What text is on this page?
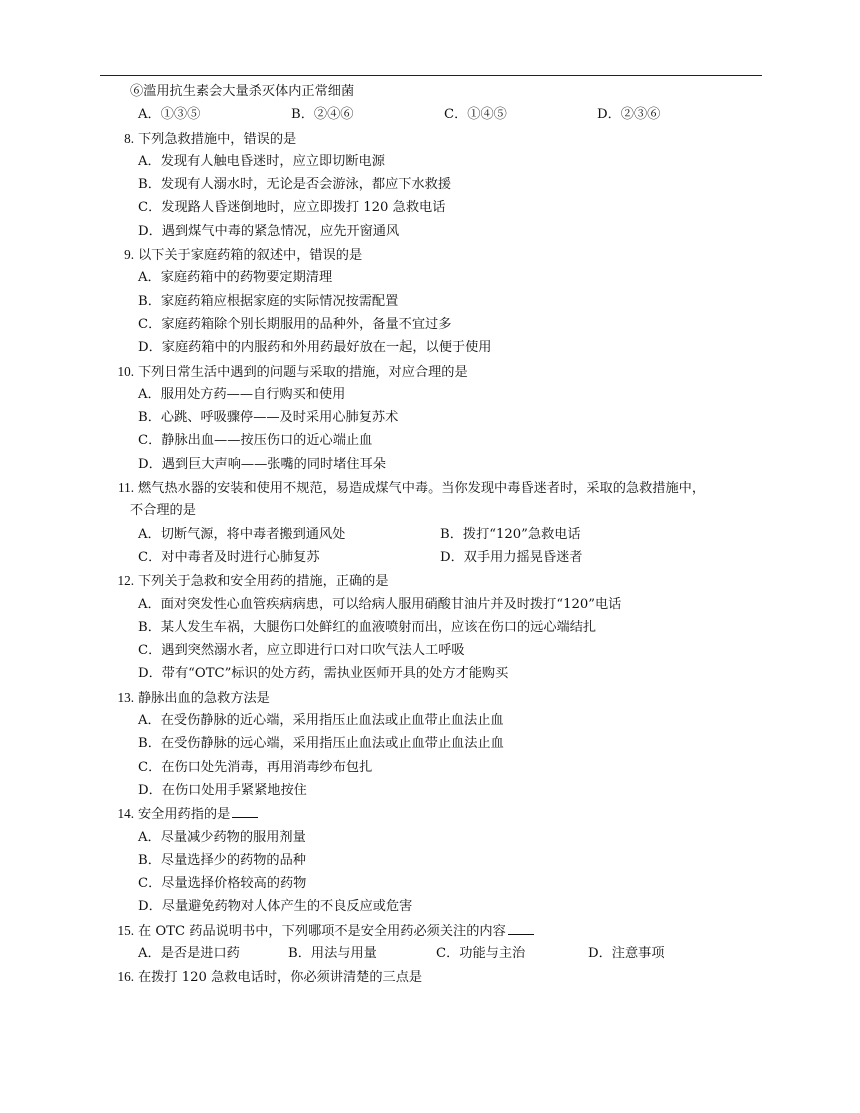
⑥滥用抗生素会大量杀灭体内正常细菌
A．①③⑤	B．②④⑥	C．①④⑤	D．②③⑥
8. 下列急救措施中，错误的是
A．发现有人触电昏迷时，应立即切断电源
B．发现有人溺水时，无论是否会游泳，都应下水救援
C．发现路人昏迷倒地时，应立即拨打 120 急救电话
D．遇到煤气中毒的紧急情况，应先开窗通风
9. 以下关于家庭药箱的叙述中，错误的是
A．家庭药箱中的药物要定期清理
B．家庭药箱应根据家庭的实际情况按需配置
C．家庭药箱除个别长期服用的品种外，备量不宜过多
D．家庭药箱中的内服药和外用药最好放在一起，以便于使用
10. 下列日常生活中遇到的问题与采取的措施，对应合理的是
A．服用处方药——自行购买和使用
B．心跳、呼吸骤停——及时采用心肺复苏术
C．静脉出血——按压伤口的近心端止血
D．遇到巨大声响——张嘴的同时堵住耳朵
11. 燃气热水器的安装和使用不规范，易造成煤气中毒。当你发现中毒昏迷者时，采取的急救措施中，
不合理的是
A．切断气源，将中毒者搬到通风处	B．拨打“120”急救电话
C．对中毒者及时进行心肺复苏	D．双手用力摇晃昏迷者
12. 下列关于急救和安全用药的措施，正确的是
A．面对突发性心血管疾病病患，可以给病人服用硝酸甘油片并及时拨打“120”电话
B．某人发生车祸，大腿伤口处鲜红的血液喷射而出，应该在伤口的远心端结扎
C．遇到突然溺水者，应立即进行口对口吹气法人工呼吸
D．带有“OTC”标识的处方药，需执业医师开具的处方才能购买
13. 静脉出血的急救方法是
A．在受伤静脉的近心端，采用指压止血法或止血带止血法止血
B．在受伤静脉的远心端，采用指压止血法或止血带止血法止血
C．在伤口处先消毒，再用消毒纱布包扎
D．在伤口处用手紧紧地按住
14. 安全用药指的是
A．尽量减少药物的服用剂量
B．尽量选择少的药物的品种
C．尽量选择价格较高的药物
D．尽量避免药物对人体产生的不良反应或危害
15. 在 OTC 药品说明书中，下列哪项不是安全用药必须关注的内容
A．是否是进口药	B．用法与用量	C．功能与主治	D．注意事项
16. 在拨打 120 急救电话时，你必须讲清楚的三点是
